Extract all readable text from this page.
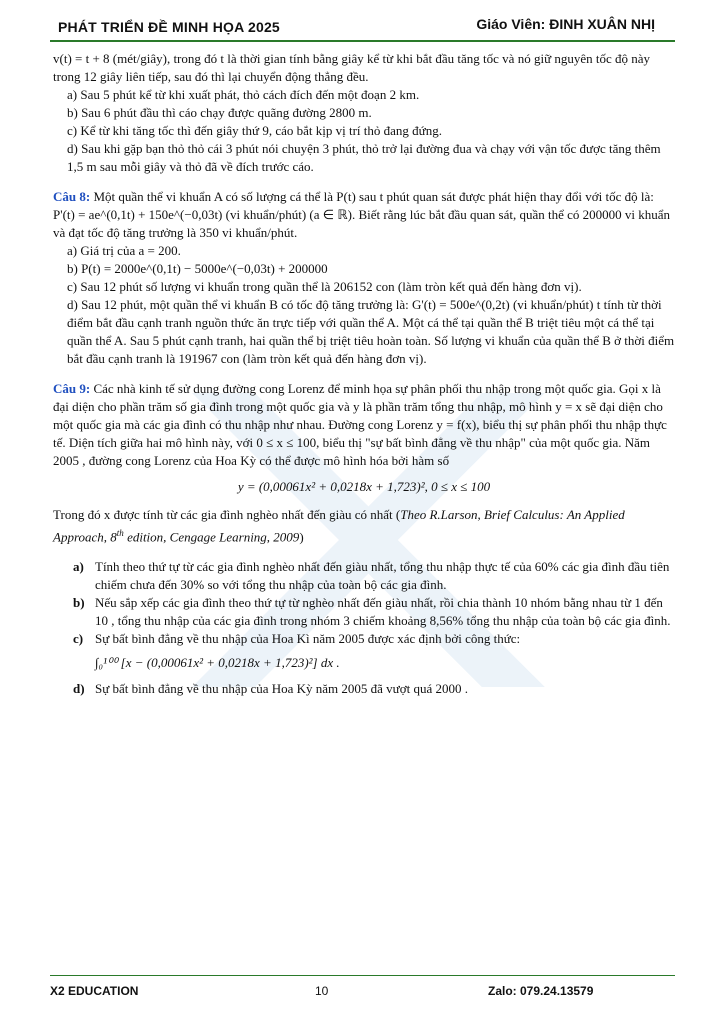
PHÁT TRIỂN ĐỀ MINH HỌA 2025	Giáo Viên: ĐINH XUÂN NHỊ

v(t) = t + 8 (mét/giây), trong đó t là thời gian tính bằng giây kể từ khi bắt đầu tăng tốc và nó giữ nguyên tốc độ này trong 12 giây liên tiếp, sau đó thì lại chuyển động thẳng đều.

a) Sau 5 phút kể từ khi xuất phát, thỏ cách đích đến một đoạn 2 km.

b) Sau 6 phút đầu thì cáo chạy được quãng đường 2800 m.

c) Kể từ khi tăng tốc thì đến giây thứ 9, cáo bắt kịp vị trí thỏ đang đứng.

d) Sau khi gặp bạn thỏ thỏ cái 3 phút nói chuyện 3 phút, thỏ trở lại đường đua và chạy với vận tốc được tăng thêm 1,5 m sau mỗi giây và thỏ đã về đích trước cáo.

Câu 8: Một quần thể vi khuẩn A có số lượng cá thể là P(t) sau t phút quan sát được phát hiện thay đổi với tốc độ là: P'(t) = ae^(0,1t) + 150e^(−0,03t) (vi khuẩn/phút) (a ∈ ℝ). Biết rằng lúc bắt đầu quan sát, quần thể có 200000 vi khuẩn và đạt tốc độ tăng trưởng là 350 vi khuẩn/phút.

a) Giá trị của a = 200.

b) P(t) = 2000e^(0,1t) − 5000e^(−0,03t) + 200000

c) Sau 12 phút số lượng vi khuẩn trong quần thể là 206152 con (làm tròn kết quả đến hàng đơn vị).

d) Sau 12 phút, một quần thể vi khuẩn B có tốc độ tăng trưởng là: G'(t) = 500e^(0,2t) (vi khuẩn/phút) t tính từ thời điểm bắt đầu cạnh tranh nguồn thức ăn trực tiếp với quần thể A. Một cá thể tại quần thể B triệt tiêu một cá thể tại quần thể A. Sau 5 phút cạnh tranh, hai quần thể bị triệt tiêu hoàn toàn. Số lượng vi khuẩn của quần thể B ở thời điểm bắt đầu cạnh tranh là 191967 con (làm tròn kết quả đến hàng đơn vị).

Câu 9: Các nhà kinh tế sử dụng đường cong Lorenz để minh họa sự phân phối thu nhập trong một quốc gia. Gọi x là đại diện cho phần trăm số gia đình trong một quốc gia và y là phần trăm tổng thu nhập, mô hình y = x sẽ đại diện cho một quốc gia mà các gia đình có thu nhập như nhau. Đường cong Lorenz y = f(x), biểu thị sự phân phối thu nhập thực tế. Diện tích giữa hai mô hình này, với 0 ≤ x ≤ 100, biểu thị "sự bất bình đẳng về thu nhập" của một quốc gia. Năm 2005 , đường cong Lorenz của Hoa Kỳ có thể được mô hình hóa bởi hàm số

y = (0,00061x² + 0,0218x + 1,723)², 0 ≤ x ≤ 100

Trong đó x được tính từ các gia đình nghèo nhất đến giàu có nhất (Theo R.Larson, Brief Calculus: An Applied Approach, 8th edition, Cengage Learning, 2009)

a) Tính theo thứ tự từ các gia đình nghèo nhất đến giàu nhất, tổng thu nhập thực tế của 60% các gia đình đầu tiên chiếm chưa đến 30% so với tổng thu nhập của toàn bộ các gia đình.
b) Nếu sắp xếp các gia đình theo thứ tự từ nghèo nhất đến giàu nhất, rồi chia thành 10 nhóm bằng nhau từ 1 đến 10 , tổng thu nhập của các gia đình trong nhóm 3 chiếm khoảng 8,56% tổng thu nhập của toàn bộ các gia đình.
c) Sự bất bình đẳng về thu nhập của Hoa Kì năm 2005 được xác định bởi công thức:
∫₀¹⁰⁰ [x − (0,00061x² + 0,0218x + 1,723)²] dx .
d) Sự bất bình đẳng về thu nhập của Hoa Kỳ năm 2005 đã vượt quá 2000 .
X2 EDUCATION	10	Zalo: 079.24.13579
